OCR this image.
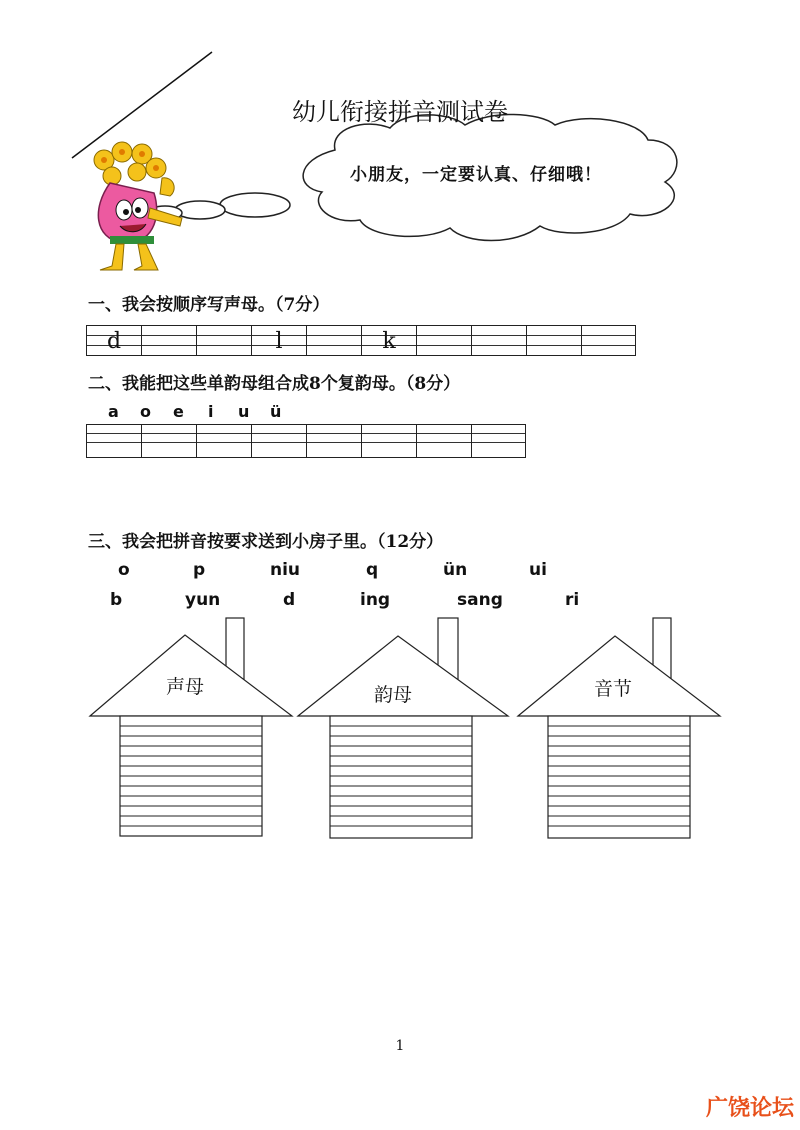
幼儿衔接拼音测试卷
小朋友，一定要认真、仔细哦！
一、我会按顺序写声母。（7分）
d	l	k
二、我能把这些单韵母组合成8个复韵母。（8分）
a o e i u ü
三、我会把拼音按要求送到小房子里。（12分）
o	p	niu	q	ün	ui
b	yun	d	ing	sang	ri
声母	韵母	音节
1
广饶论坛
